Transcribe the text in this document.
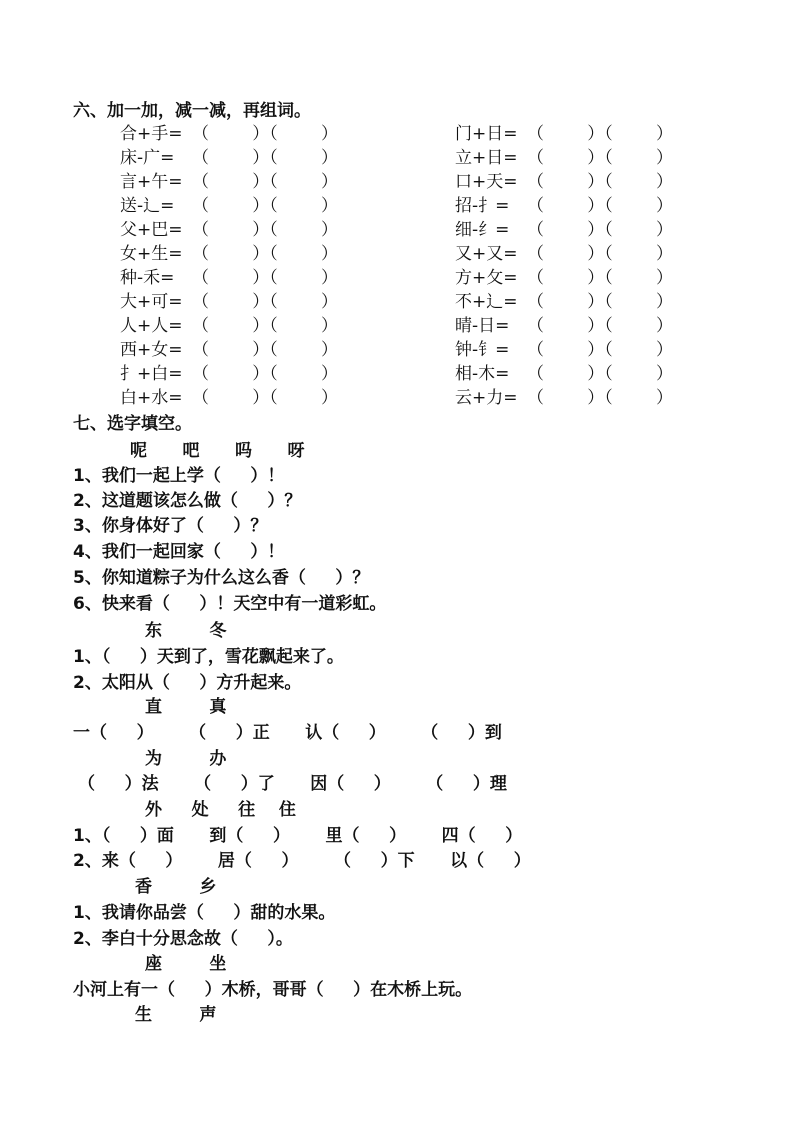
六、加一加，减一减，再组词。
合+手= （        ）（        ）
床-广= （        ）（        ）
言+午= （        ）（        ）
送-辶= （        ）（        ）
父+巴= （        ）（        ）
女+生= （        ）（        ）
种-禾= （        ）（        ）
大+可= （        ）（        ）
人+人= （        ）（        ）
西+女= （        ）（        ）
扌+白= （        ）（        ）
白+水= （        ）（        ）
门+日= （        ）（        ）
立+日= （        ）（        ）
口+天= （        ）（        ）
招-扌= （        ）（        ）
细-纟= （        ）（        ）
又+又= （        ）（        ）
方+攵= （        ）（        ）
不+辶= （        ）（        ）
晴-日= （        ）（        ）
钟-钅= （        ）（        ）
相-木= （        ）（        ）
云+力= （        ）（        ）
七、选字填空。
呢      吧      吗      呀
1、我们一起上学（     ）！
2、这道题该怎么做（     ）？
3、你身体好了（     ）？
4、我们一起回家（     ）！
5、你知道粽子为什么这么香（     ）？
6、快来看（     ）！天空中有一道彩虹。
东        冬
1、（     ）天到了，雪花飘起来了。
2、太阳从（     ）方升起来。
直        真
一（     ）      （     ）正      认（     ）      （     ）到
为        办
（     ）法      （     ）了      因（     ）      （     ）理
外     处     往    住
1、（     ）面      到（     ）      里（     ）      四（     ）
2、来（     ）      居（     ）      （     ）下      以（     ）
香        乡
1、我请你品尝（     ）甜的水果。
2、李白十分思念故（     ）。
座        坐
小河上有一（     ）木桥，哥哥（     ）在木桥上玩。
生        声
